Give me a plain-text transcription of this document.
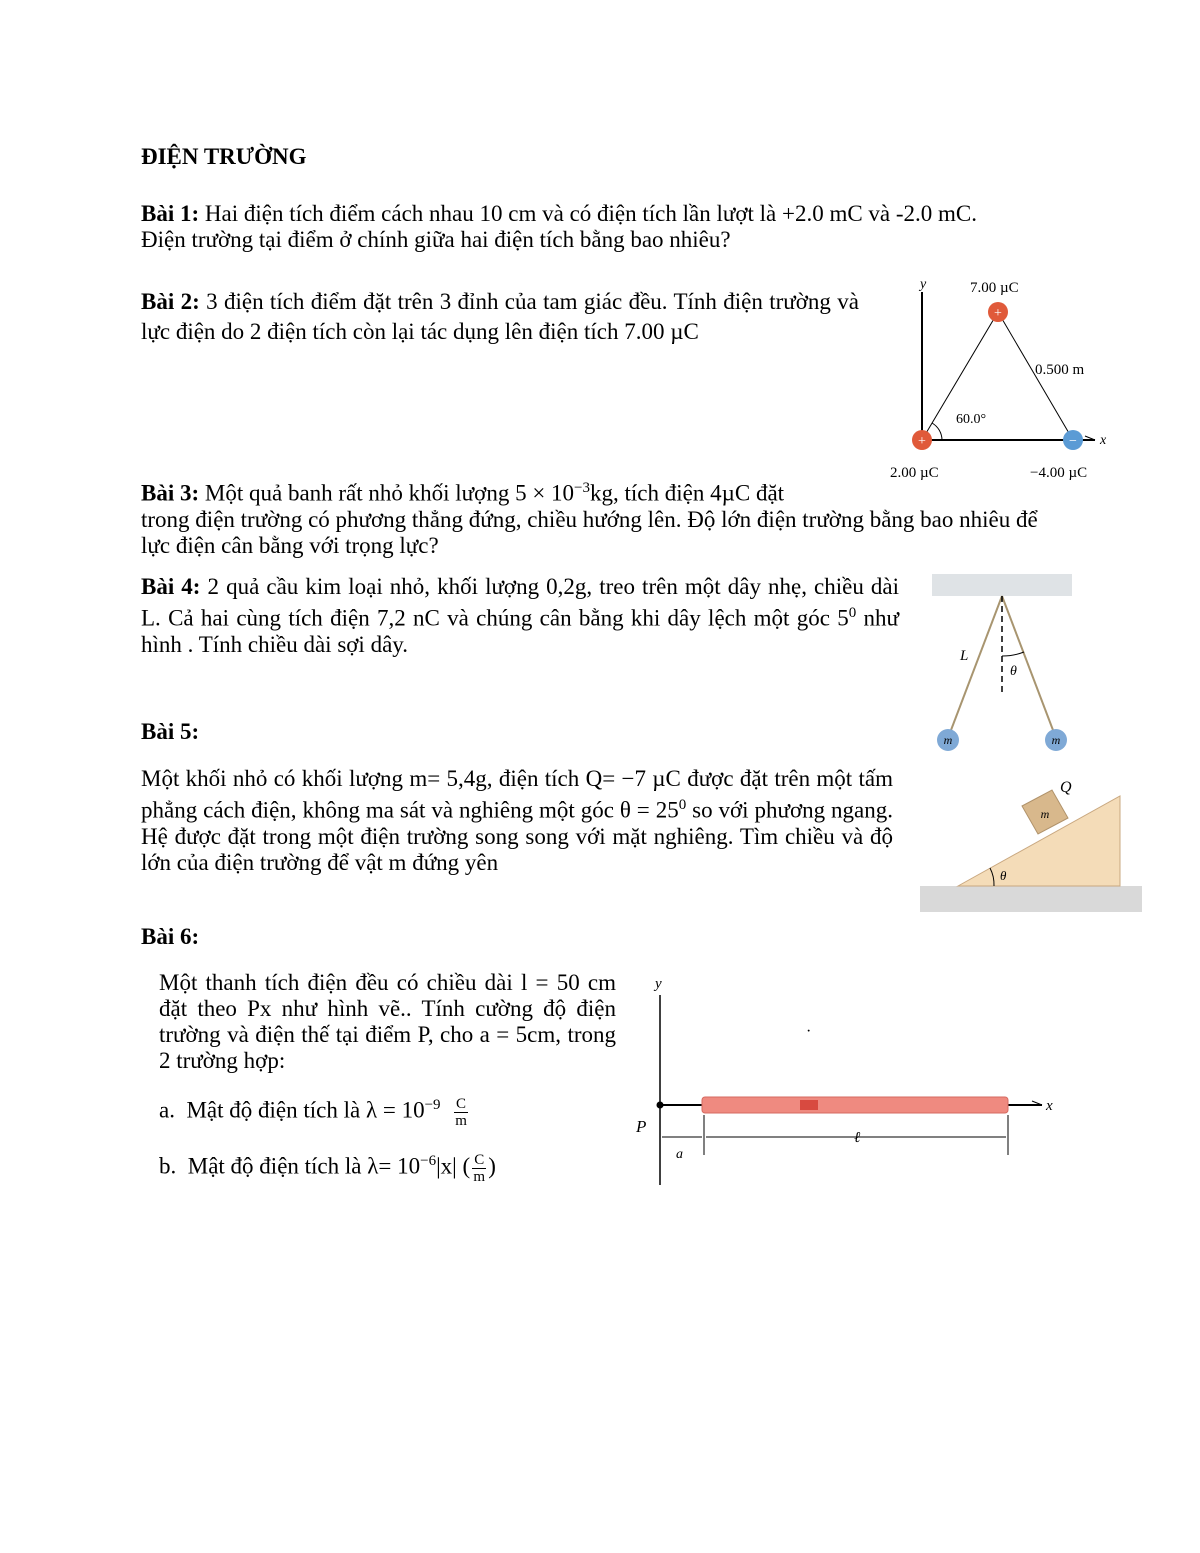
ĐIỆN TRƯỜNG
Bài 1: Hai điện tích điểm cách nhau 10 cm và có điện tích lần lượt là +2.0 mC và -2.0 mC.
Điện trường tại điểm ở chính giữa hai điện tích bằng bao nhiêu?
Bài 2: 3 điện tích điểm đặt trên 3 đỉnh của tam giác đều. Tính điện trường và lực điện do 2 điện tích còn lại tác dụng lên điện tích 7.00 µC
y
x
60.0°
7.00 µC
0.500 m
+
+	−
2.00 µC	−4.00 µC
Bài 3: Một quả banh rất nhỏ khối lượng $5 \times 10^{-3}kg$, tích điện 4µC đặt
trong điện trường có phương thẳng đứng, chiều hướng lên. Độ lớn điện trường bằng bao nhiêu để lực điện cân bằng với trọng lực?
Bài 4: 2 quả cầu kim loại nhỏ, khối lượng 0,2g, treo trên một dây nhẹ, chiều dài L. Cả hai cùng tích điện 7,2 nC và chúng cân bằng khi dây lệch một góc $5^0$ như hình . Tính chiều dài sợi dây.
θ
L
m	m
Bài 5:
Một khối nhỏ có khối lượng m= 5,4g, điện tích Q= −7 µC được đặt trên một tấm phẳng cách điện, không ma sát và nghiêng một góc $\theta = 25^0$ so với phương ngang. Hệ được đặt trong một điện trường song song với mặt nghiêng. Tìm chiều và độ lớn của điện trường để vật m đứng yên
m
Q
θ
Bài 6:
Một thanh tích điện đều có chiều dài l = 50 cm đặt theo Px như hình vẽ.. Tính cường độ điện trường và điện thế tại điểm P, cho a = 5cm, trong 2 trường hợp:
a. Mật độ điện tích là $\lambda = 10^{-9} \frac{C}{m}$
b. Mật độ điện tích là $\lambda= 10^{-6}|x|$ ( $\frac{C}{m}$ )
y
x
P
·
a
ℓ
